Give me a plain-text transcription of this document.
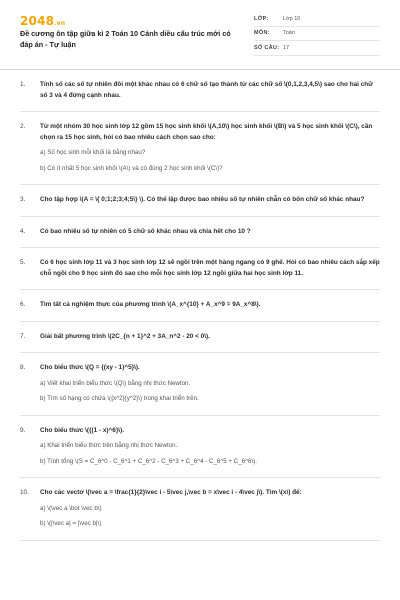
2048.vn
Đề cương ôn tập giữa kì 2 Toán 10 Cánh diều cấu trúc mới có đáp án - Tự luận
LỚP:	Lớp 10
MÔN:	Toán
SỐ CÂU: 17
1.	Tính số các số tự nhiên đôi một khác nhau có 6 chữ số tạo thành từ các chữ số \(0,1,2,3,4,5\) sao cho hai chữ số 3 và 4 đứng cạnh nhau.
2.	Từ một nhóm 30 học sinh lớp 12 gồm 15 học sinh khối \(A,10\) học sinh khối \(B\) và 5 học sinh khối \(C\), cần chọn ra 15 học sinh, hỏi có bao nhiêu cách chọn sao cho:
a) Số học sinh mỗi khối là bằng nhau?
b) Có ít nhất 5 học sinh khối \(A\) và có đúng 2 học sinh khối \(C\)?
3.	Cho tập hợp \(A = \{ 0;1;2;3;4;5\} \). Có thể lập được bao nhiêu số tự nhiên chẵn có bốn chữ số khác nhau?
4.	Có bao nhiêu số tự nhiên có 5 chữ số khác nhau và chia hết cho 10 ?
5.	Có 6 học sinh lớp 11 và 3 học sinh lớp 12 sẽ ngồi trên một hàng ngang có 9 ghế. Hỏi có bao nhiêu cách sắp xếp chỗ ngồi cho 9 học sinh đó sao cho mỗi học sinh lớp 12 ngồi giữa hai học sinh lớp 11.
6.	Tìm tất cả nghiệm thực của phương trình \(A_x^{10} + A_x^9 = 9A_x^8\).
7.	Giải bất phương trình \(2C_{n + 1}^2 + 3A_n^2 - 20 < 0\).
8.	Cho biểu thức \(Q = {(xy - 1)^5}\).
a) Viết khai triển biểu thức \(Q\) bằng nhị thức Newton.
b) Tìm số hạng có chứa \({x^2}{y^2}\) trong khai triển trên.
9.	Cho biểu thức \({(1 - x)^6}\).
a) Khai triển biểu thức trên bằng nhị thức Newton.
b) Tính tổng \(S = C_6^0 - C_6^1 + C_6^2 - C_6^3 + C_6^4 - C_6^5 + C_6^6\).
10.	Cho các vectơ \(\vec a = \frac{1}{2}\vec i - 5\vec j,\vec b = x\vec i - 4\vec j\). Tìm \(x\) để:
a) \(\vec a \bot \vec b\)
b) \(|\vec a| = |\vec b|\)
